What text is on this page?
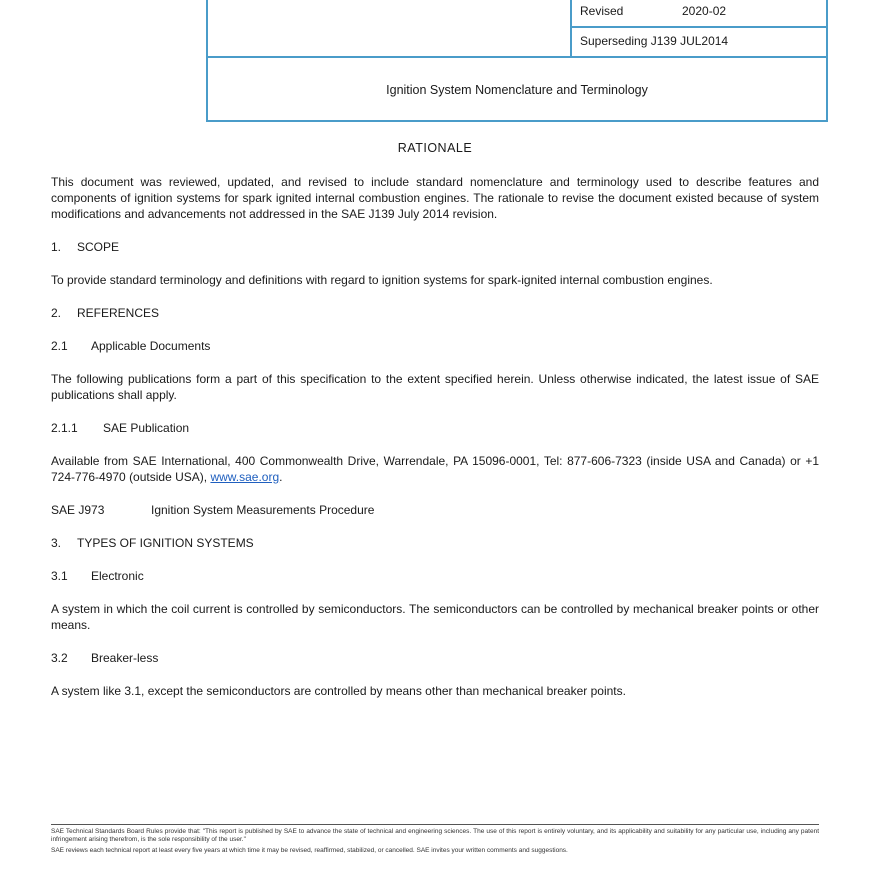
Revised	2020-02
Superseding J139 JUL2014
Ignition System Nomenclature and Terminology
RATIONALE

This document was reviewed, updated, and revised to include standard nomenclature and terminology used to describe features and components of ignition systems for spark ignited internal combustion engines. The rationale to revise the document existed because of system modifications and advancements not addressed in the SAE J139 July 2014 revision.

1.	SCOPE

To provide standard terminology and definitions with regard to ignition systems for spark-ignited internal combustion engines.

2.	REFERENCES
2.1	Applicable Documents

The following publications form a part of this specification to the extent specified herein. Unless otherwise indicated, the latest issue of SAE publications shall apply.

2.1.1	SAE Publication

Available from SAE International, 400 Commonwealth Drive, Warrendale, PA 15096-0001, Tel: 877-606-7323 (inside USA and Canada) or +1 724-776-4970 (outside USA), www.sae.org.

SAE J973	Ignition System Measurements Procedure
3.	TYPES OF IGNITION SYSTEMS
3.1	Electronic

A system in which the coil current is controlled by semiconductors. The semiconductors can be controlled by mechanical breaker points or other means.

3.2	Breaker-less

A system like 3.1, except the semiconductors are controlled by means other than mechanical breaker points.

SAE Technical Standards Board Rules provide that: "This report is published by SAE to advance the state of technical and engineering sciences. The use of this report is entirely voluntary, and its applicability and suitability for any particular use, including any patent infringement arising therefrom, is the sole responsibility of the user."

SAE reviews each technical report at least every five years at which time it may be revised, reaffirmed, stabilized, or cancelled. SAE invites your written comments and suggestions.
